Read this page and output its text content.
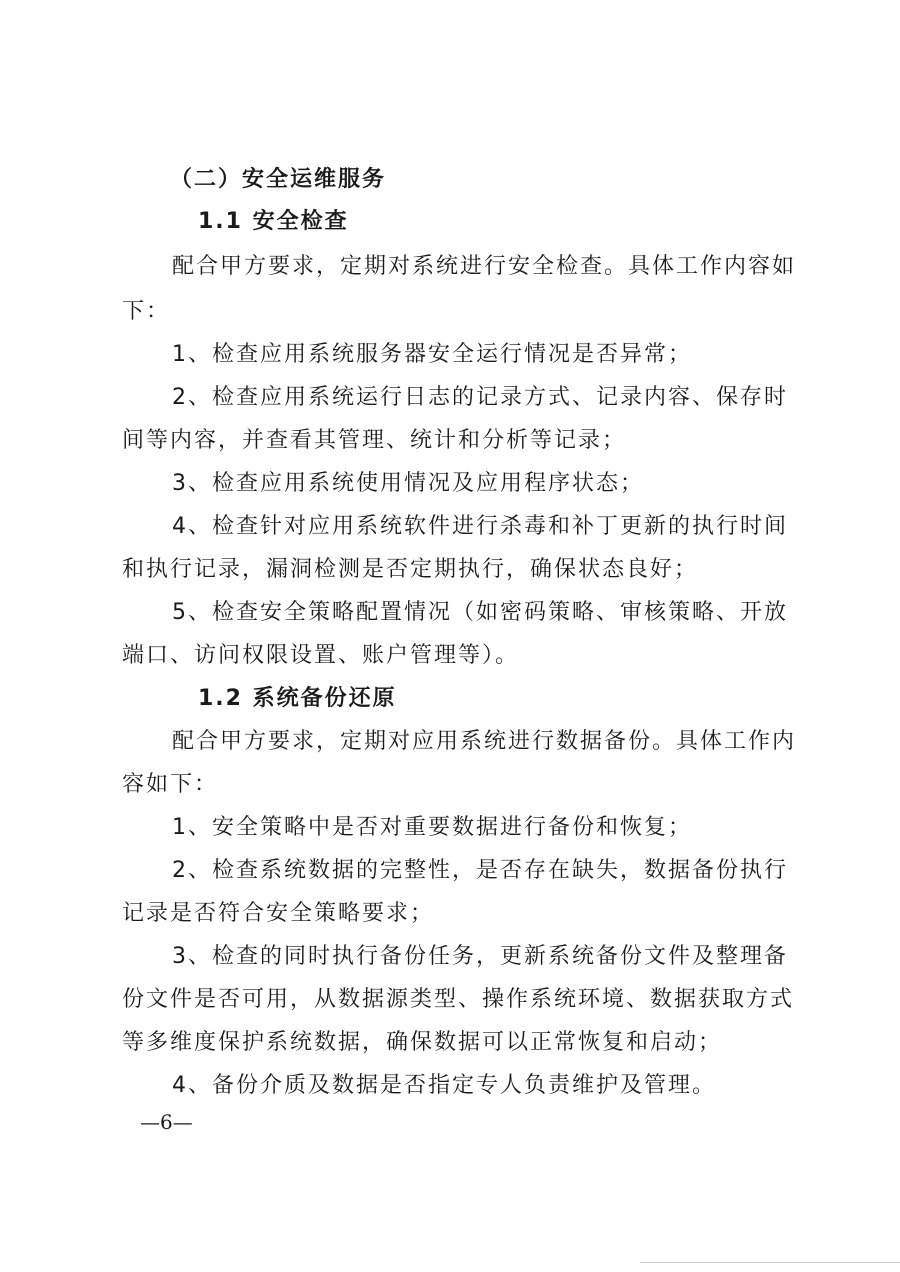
（二）安全运维服务

1.1 安全检查

配合甲方要求，定期对系统进行安全检查。具体工作内容如

下：

1、检查应用系统服务器安全运行情况是否异常；

2、检查应用系统运行日志的记录方式、记录内容、保存时

间等内容，并查看其管理、统计和分析等记录；

3、检查应用系统使用情况及应用程序状态；

4、检查针对应用系统软件进行杀毒和补丁更新的执行时间

和执行记录，漏洞检测是否定期执行，确保状态良好；

5、检查安全策略配置情况（如密码策略、审核策略、开放

端口、访问权限设置、账户管理等）。

1.2 系统备份还原

配合甲方要求，定期对应用系统进行数据备份。具体工作内

容如下：

1、安全策略中是否对重要数据进行备份和恢复；

2、检查系统数据的完整性，是否存在缺失，数据备份执行

记录是否符合安全策略要求；

3、检查的同时执行备份任务，更新系统备份文件及整理备

份文件是否可用，从数据源类型、操作系统环境、数据获取方式

等多维度保护系统数据，确保数据可以正常恢复和启动；

4、备份介质及数据是否指定专人负责维护及管理。

—6—
